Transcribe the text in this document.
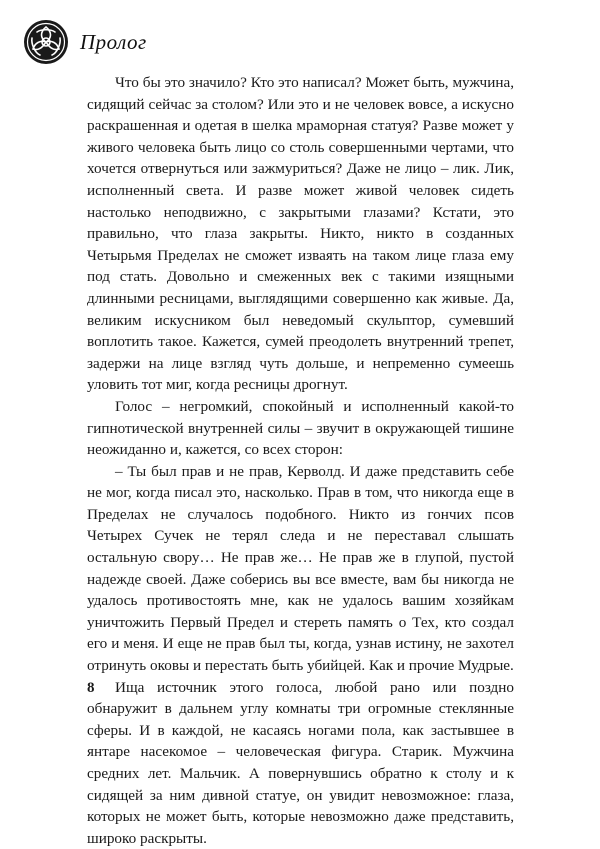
Пролог

Что бы это значило? Кто это написал? Может быть, мужчина, сидящий сейчас за столом? Или это и не человек вовсе, а искусно раскрашенная и одетая в шелка мраморная статуя? Разве может у живого человека быть лицо со столь совершенными чертами, что хочется отвернуться или зажмуриться? Даже не лицо – лик. Лик, исполненный света. И разве может живой человек сидеть настолько неподвижно, с закрытыми глазами? Кстати, это правильно, что глаза закрыты. Никто, никто в созданных Четырьмя Пределах не сможет изваять на таком лице глаза ему под стать. Довольно и смеженных век с такими изящными длинными ресницами, выглядящими совершенно как живые. Да, великим искусником был неведомый скульптор, сумевший воплотить такое. Кажется, сумей преодолеть внутренний трепет, задержи на лице взгляд чуть дольше, и непременно сумеешь уловить тот миг, когда ресницы дрогнут.

Голос – негромкий, спокойный и исполненный какой-то гипнотической внутренней силы – звучит в окружающей тишине неожиданно и, кажется, со всех сторон:

– Ты был прав и не прав, Керволд. И даже представить себе не мог, когда писал это, насколько. Прав в том, что никогда еще в Пределах не случалось подобного. Никто из гончих псов Четырех Сучек не терял следа и не переставал слышать остальную свору… Не прав же… Не прав же в глупой, пустой надежде своей. Даже соберись вы все вместе, вам бы никогда не удалось противостоять мне, как не удалось вашим хозяйкам уничтожить Первый Предел и стереть память о Тех, кто создал его и меня. И еще не прав был ты, когда, узнав истину, не захотел отринуть оковы и перестать быть убийцей. Как и прочие Мудрые.

Ища источник этого голоса, любой рано или поздно обнаружит в дальнем углу комнаты три огромные стеклянные сферы. И в каждой, не касаясь ногами пола, как застывшее в янтаре насекомое – человеческая фигура. Старик. Мужчина средних лет. Мальчик. А повернувшись обратно к столу и к сидящей за ним дивной статуе, он увидит невозможное: глаза, которых не может быть, которые невозможно даже представить, широко раскрыты.

8
